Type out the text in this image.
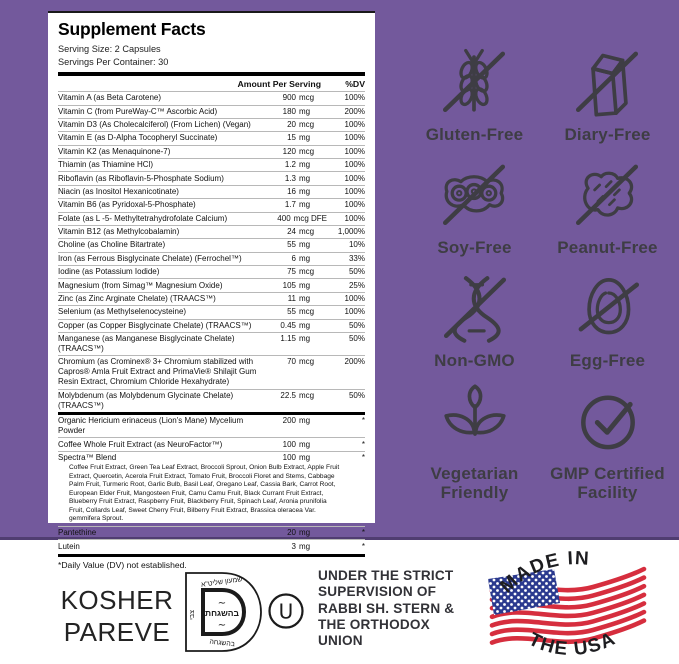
Supplement Facts
Serving Size: 2 Capsules
Servings Per Container: 30
Amount Per Serving	%DV
Vitamin A (as Beta Carotene)	900 mcg	100%
Vitamin C (from PureWay-C™ Ascorbic Acid)	180 mg	200%
Vitamin D3 (As Cholecalciferol) (From Lichen) (Vegan)	20 mcg	100%
Vitamin E (as D-Alpha Tocopheryl Succinate)	15 mg	100%
Vitamin K2 (as Menaquinone-7)	120 mcg	100%
Thiamin (as Thiamine HCl)	1.2 mg	100%
Riboflavin (as Riboflavin-5-Phosphate Sodium)	1.3 mg	100%
Niacin (as Inositol Hexanicotinate)	16 mg	100%
Vitamin B6 (as Pyridoxal-5-Phosphate)	1.7 mg	100%
Folate (as L -5- Methyltetrahydrofolate Calcium)	400 mcg DFE	100%
Vitamin B12 (as Methylcobalamin)	24 mcg	1,000%
Choline (as Choline Bitartrate)	55 mg	10%
Iron (as Ferrous Bisglycinate Chelate) (Ferrochel™)	6 mg	33%
Iodine (as Potassium Iodide)	75 mcg	50%
Magnesium (from Simag™ Magnesium Oxide)	105 mg	25%
Zinc (as Zinc Arginate Chelate) (TRAACS™)	11 mg	100%
Selenium (as Methylselenocysteine)	55 mcg	100%
Copper (as Copper Bisglycinate Chelate) (TRAACS™)	0.45 mg	50%
Manganese (as Manganese Bisglycinate Chelate) (TRAACS™)
1.15 mg	50%
Chromium (as Crominex® 3+ Chromium stabilized with Capros® Amla Fruit Extract and PrimaVie® Shilajit Gum Resin Extract, Chromium Chloride Hexahydrate)
70 mcg	200%
Molybdenum (as Molybdenum Glycinate Chelate) (TRAACS™)
22.5 mcg	50%
Organic Hericium erinaceus (Lion's Mane) Mycelium Powder
200 mg	*
Coffee Whole Fruit Extract (as NeuroFactor™)	100 mg	*
Spectra™ Blend	100 mg	*
Coffee Fruit Extract, Green Tea Leaf Extract, Broccoli Sprout, Onion Bulb Extract, Apple Fruit Extract, Quercetin, Acerola Fruit Extract, Tomato Fruit, Broccoli Floret and Stems, Cabbage Palm Fruit, Turmeric Root, Garlic Bulb, Basil Leaf, Oregano Leaf, Cassia Bark, Carrot Root, European Elder Fruit, Mangosteen Fruit, Camu Camu Fruit, Black Currant Fruit Extract, Blueberry Fruit Extract, Raspberry Fruit, Blackberry Fruit, Spinach Leaf, Aronia prunifolia Fruit, Collards Leaf, Sweet Cherry Fruit, Bilberry Fruit Extract, Brassica oleracea Var. gemmifera Sprout.
Pantethine	20 mg	*
Lutein	3 mg	*
*Daily Value (DV) not established.
Gluten-Free Diary-Free
Soy-Free	Peanut-Free
Non-GMO	Egg-Free
Vegetarian Friendly
GMP Certified Facility
KOSHER
PAREVE
שמעון שליט"א
צבי
בהשגחה
∼
בהשגחת
∼
U
UNDER THE STRICT
SUPERVISION OF
RABBI SH. STERN &
THE ORTHODOX
UNION
MADE IN
THE USA
